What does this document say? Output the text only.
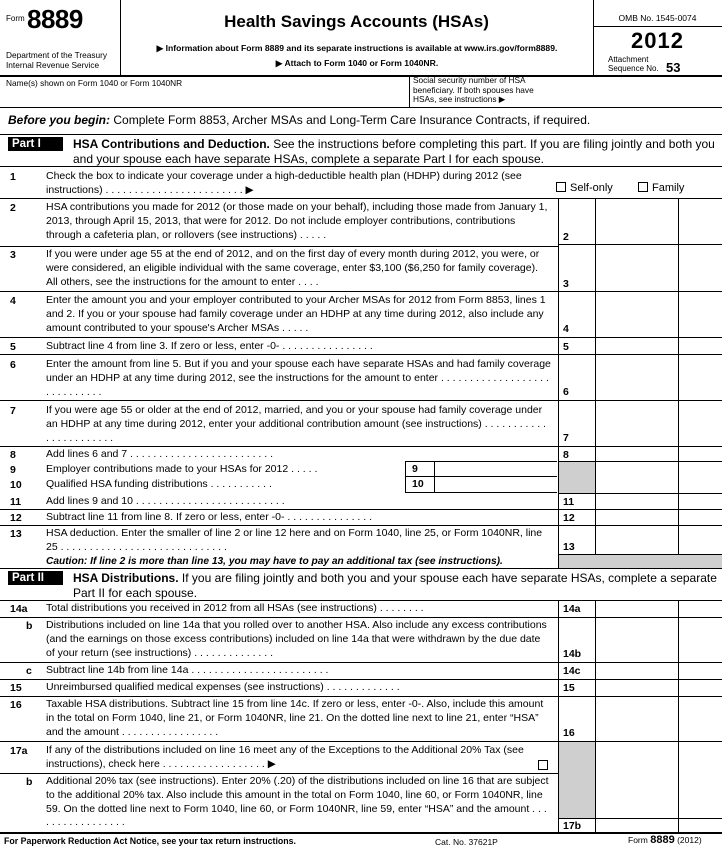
Form 8889
Department of the Treasury
Internal Revenue Service
Health Savings Accounts (HSAs)
▶ Information about Form 8889 and its separate instructions is available at www.irs.gov/form8889.
▶ Attach to Form 1040 or Form 1040NR.
OMB No. 1545-0074
2012
Attachment
Sequence No. 53
Name(s) shown on Form 1040 or Form 1040NR	Social security number of HSA beneficiary. If both spouses have HSAs, see instructions ▶
Before you begin: Complete Form 8853, Archer MSAs and Long-Term Care Insurance Contracts, if required.
Part I	HSA Contributions and Deduction. See the instructions before completing this part. If you are filing jointly and both you and your spouse each have separate HSAs, complete a separate Part I for each spouse.
1	Check the box to indicate your coverage under a high-deductible health plan (HDHP) during 2012 (see instructions) . . . . . . . . . . . . . . . . . . . . . . . . ▶	Self-only	Family
2	HSA contributions you made for 2012 (or those made on your behalf), including those made from January 1, 2013, through April 15, 2013, that were for 2012. Do not include employer contributions, contributions through a cafeteria plan, or rollovers (see instructions) . . . . .	2
3	If you were under age 55 at the end of 2012, and on the first day of every month during 2012, you were, or were considered, an eligible individual with the same coverage, enter $3,100 ($6,250 for family coverage). All others, see the instructions for the amount to enter . . . .	3
4	Enter the amount you and your employer contributed to your Archer MSAs for 2012 from Form 8853, lines 1 and 2. If you or your spouse had family coverage under an HDHP at any time during 2012, also include any amount contributed to your spouse's Archer MSAs . . . . .	4
5	Subtract line 4 from line 3. If zero or less, enter -0- . . . . . . . . . . . . . . . .	5
6	Enter the amount from line 5. But if you and your spouse each have separate HSAs and had family coverage under an HDHP at any time during 2012, see the instructions for the amount to enter . . . . . . . . . . . . . . . . . . . . . . . . . . . . .	6
7	If you were age 55 or older at the end of 2012, married, and you or your spouse had family coverage under an HDHP at any time during 2012, enter your additional contribution amount (see instructions) . . . . . . . . . . . . . . . . . . . . . . .	7
8	Add lines 6 and 7 . . . . . . . . . . . . . . . . . . . . . . . . .	8
9	Employer contributions made to your HSAs for 2012 . . . . .	9
10 Qualified HSA funding distributions . . . . . . . . . . .	10
11 Add lines 9 and 10 . . . . . . . . . . . . . . . . . . . . . . . . . .	11
12 Subtract line 11 from line 8. If zero or less, enter -0- . . . . . . . . . . . . . . .	12
13 HSA deduction. Enter the smaller of line 2 or line 12 here and on Form 1040, line 25, or Form 1040NR, line 25 . . . . . . . . . . . . . . . . . . . . . . . . . . . . .	13
Caution: If line 2 is more than line 13, you may have to pay an additional tax (see instructions).
Part II	HSA Distributions. If you are filing jointly and both you and your spouse each have separate HSAs, complete a separate Part II for each spouse.
14a Total distributions you received in 2012 from all HSAs (see instructions) . . . . . . . .	14a
b Distributions included on line 14a that you rolled over to another HSA. Also include any excess contributions (and the earnings on those excess contributions) included on line 14a that were withdrawn by the due date of your return (see instructions) . . . . . . . . . . . . . .	14b
c Subtract line 14b from line 14a . . . . . . . . . . . . . . . . . . . . . . . .	14c
15 Unreimbursed qualified medical expenses (see instructions) . . . . . . . . . . . . .	15
16 Taxable HSA distributions. Subtract line 15 from line 14c. If zero or less, enter -0-. Also, include this amount in the total on Form 1040, line 21, or Form 1040NR, line 21. On the dotted line next to line 21, enter “HSA” and the amount . . . . . . . . . . . . . . . . .	16
17a If any of the distributions included on line 16 meet any of the Exceptions to the Additional 20% Tax (see instructions), check here . . . . . . . . . . . . . . . . . . ▶
b Additional 20% tax (see instructions). Enter 20% (.20) of the distributions included on line 16 that are subject to the additional 20% tax. Also include this amount in the total on Form 1040, line 60, or Form 1040NR, line 59. On the dotted line next to Form 1040, line 60, or Form 1040NR, line 59, enter “HSA” and the amount . . . . . . . . . . . . . . . . .	17b
For Paperwork Reduction Act Notice, see your tax return instructions.	Cat. No. 37621P	Form 8889 (2012)
